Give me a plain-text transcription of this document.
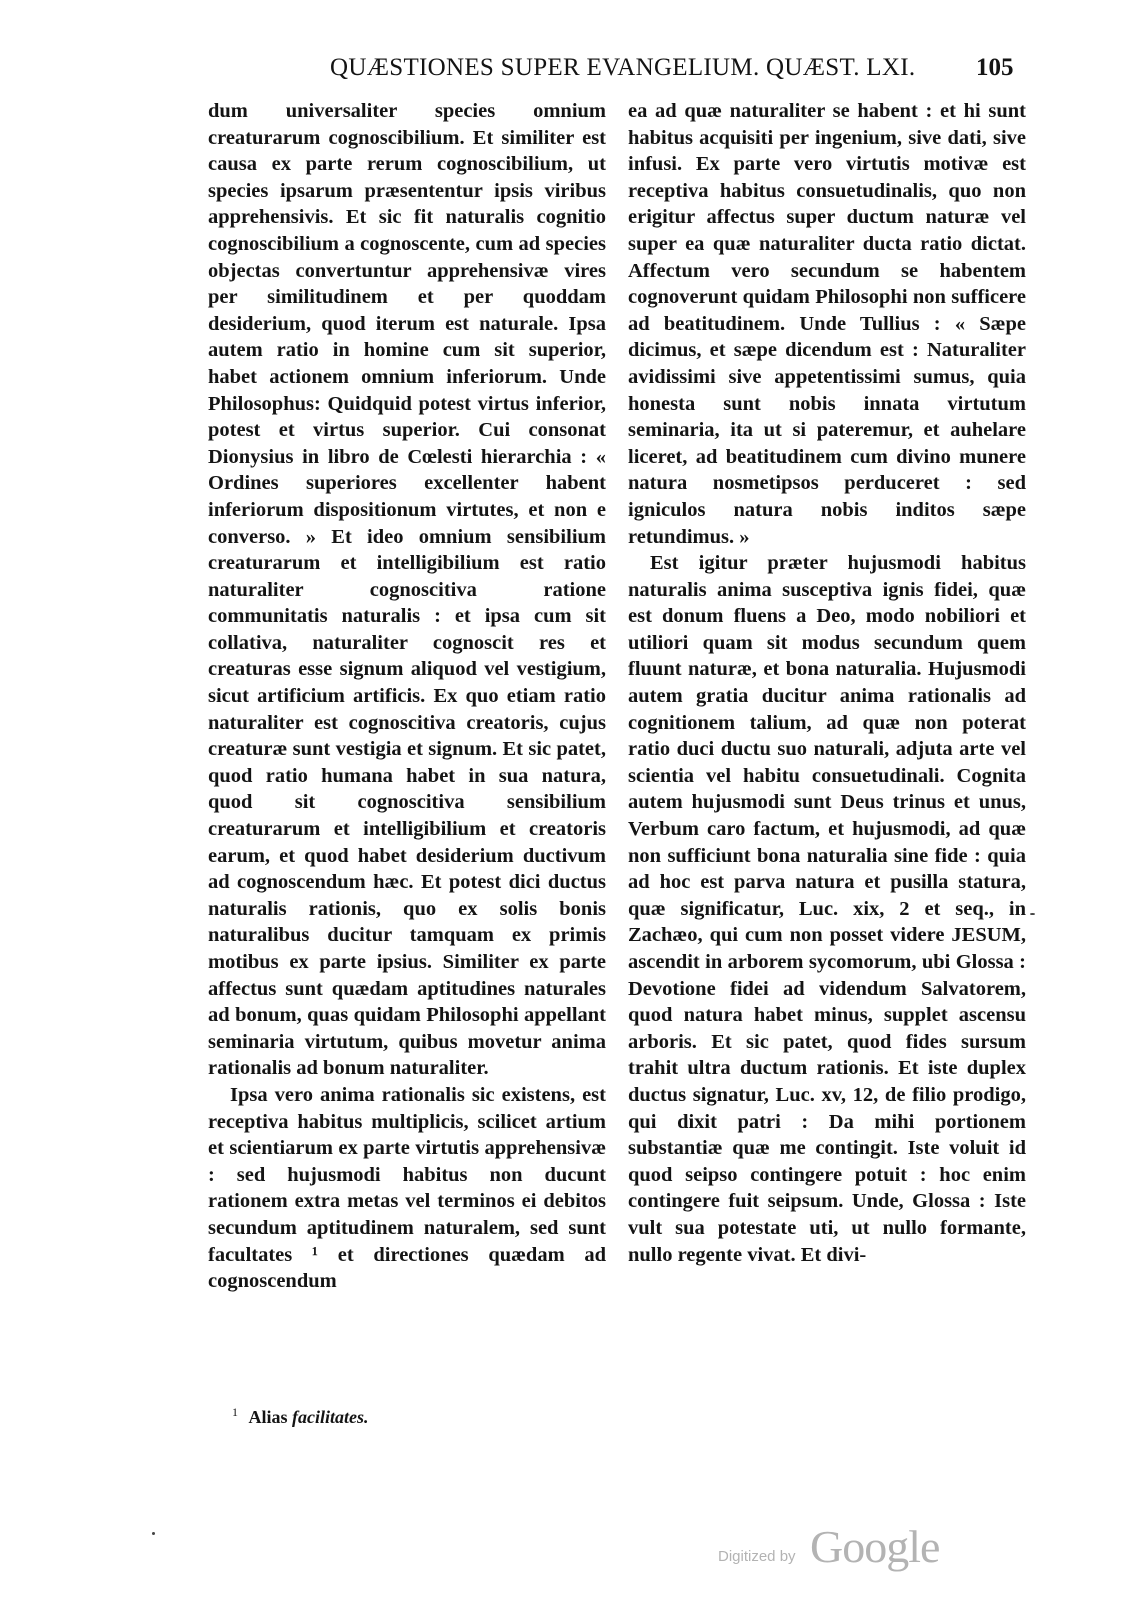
QUÆSTIONES SUPER EVANGELIUM. QUÆST. LXI. 105

dum universaliter species omnium creaturarum cognoscibilium. Et similiter est causa ex parte rerum cognoscibilium, ut species ipsarum præsententur ipsis viribus apprehensivis. Et sic fit naturalis cognitio cognoscibilium a cognoscente, cum ad species objectas convertuntur apprehensivæ vires per similitudinem et per quoddam desiderium, quod iterum est naturale. Ipsa autem ratio in homine cum sit superior, habet actionem omnium inferiorum. Unde Philosophus: Quidquid potest virtus inferior, potest et virtus superior. Cui consonat Dionysius in libro de Cœlesti hierarchia : « Ordines superiores excellenter habent inferiorum dispositionum virtutes, et non e converso. » Et ideo omnium sensibilium creaturarum et intelligibilium est ratio naturaliter cognoscitiva ratione communitatis naturalis : et ipsa cum sit collativa, naturaliter cognoscit res et creaturas esse signum aliquod vel vestigium, sicut artificium artificis. Ex quo etiam ratio naturaliter est cognoscitiva creatoris, cujus creaturæ sunt vestigia et signum. Et sic patet, quod ratio humana habet in sua natura, quod sit cognoscitiva sensibilium creaturarum et intelligibilium et creatoris earum, et quod habet desiderium ductivum ad cognoscendum hæc. Et potest dici ductus naturalis rationis, quo ex solis bonis naturalibus ducitur tamquam ex primis motibus ex parte ipsius. Similiter ex parte affectus sunt quædam aptitudines naturales ad bonum, quas quidam Philosophi appellant seminaria virtutum, quibus movetur anima rationalis ad bonum naturaliter.

Ipsa vero anima rationalis sic existens, est receptiva habitus multiplicis, scilicet artium et scientiarum ex parte virtutis apprehensivæ : sed hujusmodi habitus non ducunt rationem extra metas vel terminos ei debitos secundum aptitudinem naturalem, sed sunt facultates ¹ et directiones quædam ad cognoscendum

ea ad quæ naturaliter se habent : et hi sunt habitus acquisiti per ingenium, sive dati, sive infusi. Ex parte vero virtutis motivæ est receptiva habitus consuetudinalis, quo non erigitur affectus super ductum naturæ vel super ea quæ naturaliter ducta ratio dictat. Affectum vero secundum se habentem cognoverunt quidam Philosophi non sufficere ad beatitudinem. Unde Tullius : « Sæpe dicimus, et sæpe dicendum est : Naturaliter avidissimi sive appetentissimi sumus, quia honesta sunt nobis innata virtutum seminaria, ita ut si pateremur, et auhelare liceret, ad beatitudinem cum divino munere natura nosmetipsos perduceret : sed igniculos natura nobis inditos sæpe retundimus. »

Est igitur præter hujusmodi habitus naturalis anima susceptiva ignis fidei, quæ est donum fluens a Deo, modo nobiliori et utiliori quam sit modus secundum quem fluunt naturæ, et bona naturalia. Hujusmodi autem gratia ducitur anima rationalis ad cognitionem talium, ad quæ non poterat ratio duci ductu suo naturali, adjuta arte vel scientia vel habitu consuetudinali. Cognita autem hujusmodi sunt Deus trinus et unus, Verbum caro factum, et hujusmodi, ad quæ non sufficiunt bona naturalia sine fide : quia ad hoc est parva natura et pusilla statura, quæ significatur, Luc. xix, 2 et seq., in Zachæo, qui cum non posset videre JESUM, ascendit in arborem sycomorum, ubi Glossa : Devotione fidei ad videndum Salvatorem, quod natura habet minus, supplet ascensu arboris. Et sic patet, quod fides sursum trahit ultra ductum rationis. Et iste duplex ductus signatur, Luc. xv, 12, de filio prodigo, qui dixit patri : Da mihi portionem substantiæ quæ me contingit. Iste voluit id quod seipso contingere potuit : hoc enim contingere fuit seipsum. Unde, Glossa : Iste vult sua potestate uti, ut nullo formante, nullo regente vivat. Et divi-

$^1$ Alias facilitates.
Digitized by Google
